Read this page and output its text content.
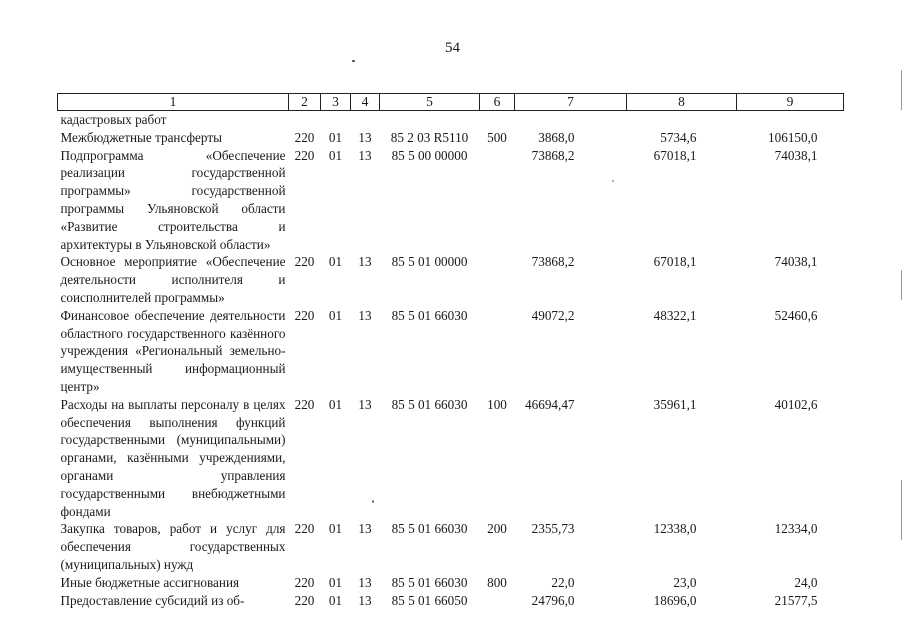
54
1	2	3	4	5	6	7	8	9
кадастровых работ								
Межбюджетные трансферты	220	01	13	85 2 03 R5110	500	3868,0	5734,6	106150,0
Подпрограмма «Обеспечение реализации государственной программы» государственной программы Ульяновской области «Развитие строительства и архитектуры в Ульяновской области»	220	01	13	85 5 00 00000		73868,2	67018,1	74038,1
Основное мероприятие «Обеспечение деятельности исполнителя и соисполнителей программы»	220	01	13	85 5 01 00000		73868,2	67018,1	74038,1
Финансовое обеспечение деятельности областного государственного казённого учреждения «Региональный земельно-имущественный информационный центр»	220	01	13	85 5 01 66030		49072,2	48322,1	52460,6
Расходы на выплаты персоналу в целях обеспечения выполнения функций государственными (муниципальными) органами, казёнными учреждениями, органами управления государственными внебюджетными фондами	220	01	13	85 5 01 66030	100	46694,47	35961,1	40102,6
Закупка товаров, работ и услуг для обеспечения государственных (муниципальных) нужд	220	01	13	85 5 01 66030	200	2355,73	12338,0	12334,0
Иные бюджетные ассигнования	220	01	13	85 5 01 66030	800	22,0	23,0	24,0
Предоставление субсидий из об-	220	01	13	85 5 01 66050		24796,0	18696,0	21577,5
